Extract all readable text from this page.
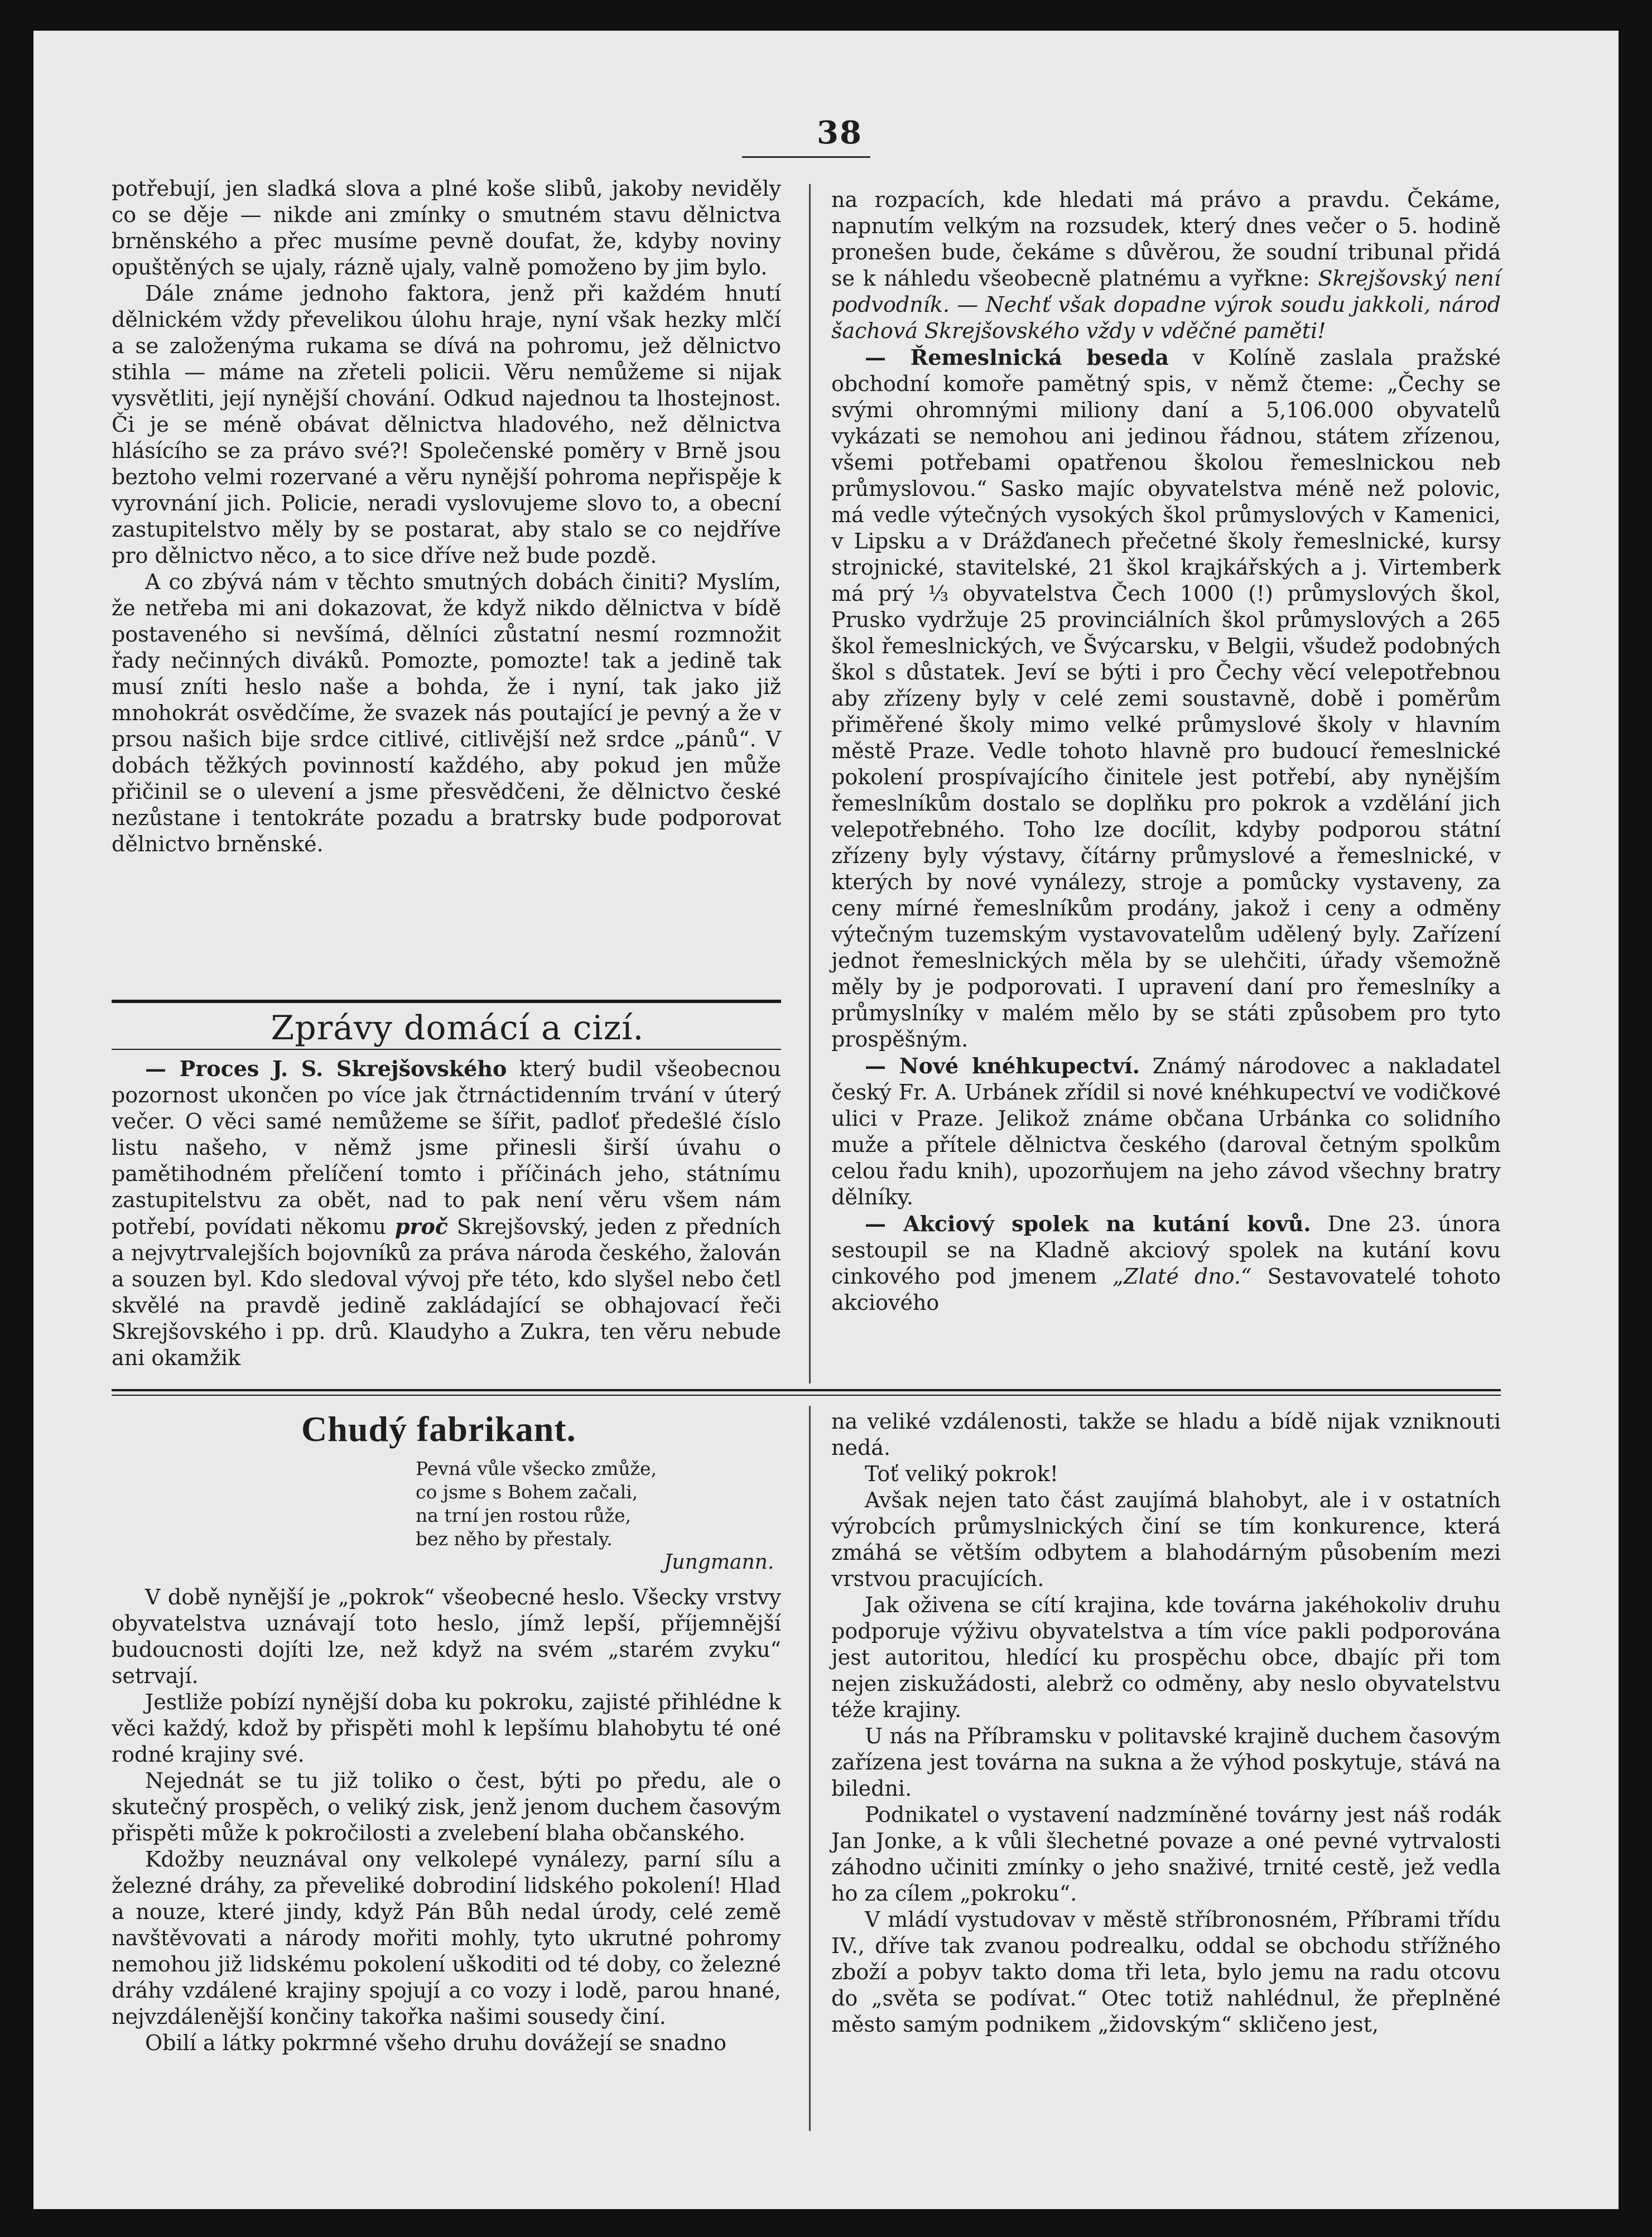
38

potřebují, jen sladká slova a plné koše slibů, jakoby neviděly co se děje — nikde ani zmínky o smutném stavu dělnictva brněnského a přec musíme pevně doufat, že, kdyby noviny opuštěných se ujaly, rázně ujaly, valně pomoženo by jim bylo.

Dále známe jednoho faktora, jenž při každém hnutí dělnickém vždy převelikou úlohu hraje, nyní však hezky mlčí a se založenýma rukama se dívá na pohromu, jež dělnictvo stihla — máme na zřeteli policii. Věru nemůžeme si nijak vysvětliti, její nynější chování. Odkud najednou ta lhostejnost. Či je se méně obávat dělnictva hladového, než dělnictva hlásícího se za právo své?! Společenské poměry v Brně jsou beztoho velmi rozervané a věru nynější pohroma nepřispěje k vyrovnání jich. Policie, neradi vyslovujeme slovo to, a obecní zastupitelstvo měly by se postarat, aby stalo se co nejdříve pro dělnictvo něco, a to sice dříve než bude pozdě.

A co zbývá nám v těchto smutných dobách činiti? Myslím, že netřeba mi ani dokazovat, že když nikdo dělnictva v bídě postaveného si nevšímá, dělníci zůstatní nesmí rozmnožit řady nečinných diváků. Pomozte, pomozte! tak a jedině tak musí zníti heslo naše a bohda, že i nyní, tak jako již mnohokrát osvědčíme, že svazek nás poutající je pevný a že v prsou našich bije srdce citlivé, citlivější než srdce „pánů“. V dobách těžkých povinností každého, aby pokud jen může přičinil se o ulevení a jsme přesvědčeni, že dělnictvo české nezůstane i tentokráte pozadu a bratrsky bude podporovat dělnictvo brněnské.

Zprávy domácí a cizí.

— Proces J. S. Skrejšovského který budil všeobecnou pozornost ukončen po více jak čtrnáctidenním trvání v úterý večer. O věci samé nemůžeme se šířit, padloť předešlé číslo listu našeho, v němž jsme přinesli širší úvahu o pamětihodném přelíčení tomto i příčinách jeho, státnímu zastupitelstvu za obět, nad to pak není věru všem nám potřebí, povídati někomu proč Skrejšovský, jeden z předních a nejvytrvalejších bojovníků za práva národa českého, žalován a souzen byl. Kdo sledoval vývoj pře této, kdo slyšel nebo četl skvělé na pravdě jedině zakládající se obhajovací řeči Skrejšovského i pp. drů. Klaudyho a Zukra, ten věru nebude ani okamžik

na rozpacích, kde hledati má právo a pravdu. Čekáme, napnutím velkým na rozsudek, který dnes večer o 5. hodině pronešen bude, čekáme s důvěrou, že soudní tribunal přidá se k náhledu všeobecně platnému a vyřkne: Skrejšovský není podvodník. — Nechť však dopadne výrok soudu jakkoli, národ šachová Skrejšovského vždy v vděčné paměti!

— Řemeslnická beseda v Kolíně zaslala pražské obchodní komoře pamětný spis, v němž čteme: „Čechy se svými ohromnými miliony daní a 5,106.000 obyvatelů vykázati se nemohou ani jedinou řádnou, státem zřízenou, všemi potřebami opatřenou školou řemeslnickou neb průmyslovou.“ Sasko majíc obyvatelstva méně než polovic, má vedle výtečných vysokých škol průmyslových v Kamenici, v Lipsku a v Drážďanech přečetné školy řemeslnické, kursy strojnické, stavitelské, 21 škol krajkářských a j. Virtemberk má prý ⅓ obyvatelstva Čech 1000 (!) průmyslových škol, Prusko vydržuje 25 provinciálních škol průmyslových a 265 škol řemeslnických, ve Švýcarsku, v Belgii, všudež podobných škol s důstatek. Jeví se býti i pro Čechy věcí velepotřebnou aby zřízeny byly v celé zemi soustavně, době i poměrům přiměřené školy mimo velké průmyslové školy v hlavním městě Praze. Vedle tohoto hlavně pro budoucí řemeslnické pokolení prospívajícího činitele jest potřebí, aby nynějším řemeslníkům dostalo se doplňku pro pokrok a vzdělání jich velepotřebného. Toho lze docílit, kdyby podporou státní zřízeny byly výstavy, čítárny průmyslové a řemeslnické, v kterých by nové vynálezy, stroje a pomůcky vystaveny, za ceny mírné řemeslníkům prodány, jakož i ceny a odměny výtečným tuzemským vystavovatelům udělený byly. Zařízení jednot řemeslnických měla by se ulehčiti, úřady všemožně měly by je podporovati. I upravení daní pro řemeslníky a průmyslníky v malém mělo by se státi způsobem pro tyto prospěšným.

— Nové knéhkupectví. Známý národovec a nakladatel český Fr. A. Urbánek zřídil si nové knéhkupectví ve vodičkové ulici v Praze. Jelikož známe občana Urbánka co solidního muže a přítele dělnictva českého (daroval četným spolkům celou řadu knih), upozorňujem na jeho závod všechny bratry dělníky.

— Akciový spolek na kutání kovů. Dne 23. února sestoupil se na Kladně akciový spolek na kutání kovu cinkového pod jmenem „Zlaté dno.“ Sestavovatelé tohoto akciového

Chudý fabrikant.
Pevná vůle všecko zmůže,
co jsme s Bohem začali,
na trní jen rostou růže,
bez něho by přestaly.
Jungmann.

V době nynější je „pokrok“ všeobecné heslo. Všecky vrstvy obyvatelstva uznávají toto heslo, jímž lepší, příjemnější budoucnosti dojíti lze, než když na svém „starém zvyku“ setrvají.

Jestliže pobízí nynější doba ku pokroku, zajisté přihlédne k věci každý, kdož by přispěti mohl k lepšímu blahobytu té oné rodné krajiny své.

Nejednát se tu již toliko o čest, býti po předu, ale o skutečný prospěch, o veliký zisk, jenž jenom duchem časovým přispěti může k pokročilosti a zvelebení blaha občanského.

Kdožby neuznával ony velkolepé vynálezy, parní sílu a železné dráhy, za převeliké dobrodiní lidského pokolení! Hlad a nouze, které jindy, když Pán Bůh nedal úrody, celé země navštěvovati a národy mořiti mohly, tyto ukrutné pohromy nemohou již lidskému pokolení uškoditi od té doby, co železné dráhy vzdálené krajiny spojují a co vozy i lodě, parou hnané, nejvzdálenější končiny takořka našimi sousedy činí.

Obilí a látky pokrmné všeho druhu dovážejí se snadno

na veliké vzdálenosti, takže se hladu a bídě nijak vzniknouti nedá.

Toť veliký pokrok!

Avšak nejen tato část zaujímá blahobyt, ale i v ostatních výrobcích průmyslnických činí se tím konkurence, která zmáhá se větším odbytem a blahodárným působením mezi vrstvou pracujících.

Jak oživena se cítí krajina, kde továrna jakéhokoliv druhu podporuje výživu obyvatelstva a tím více pakli podporována jest autoritou, hledící ku prospěchu obce, dbajíc při tom nejen ziskužádosti, alebrž co odměny, aby neslo obyvatelstvu téže krajiny.

U nás na Příbramsku v politavské krajině duchem časovým zařízena jest továrna na sukna a že výhod poskytuje, stává na biledni.

Podnikatel o vystavení nadzmíněné továrny jest náš rodák Jan Jonke, a k vůli šlechetné povaze a oné pevné vytrvalosti záhodno učiniti zmínky o jeho snaživé, trnité cestě, jež vedla ho za cílem „pokroku“.

V mládí vystudovav v městě stříbronosném, Příbrami třídu IV., dříve tak zvanou podrealku, oddal se obchodu střížného zboží a pobyv takto doma tři leta, bylo jemu na radu otcovu do „světa se podívat.“ Otec totiž nahlédnul, že přeplněné město samým podnikem „židovským“ skličeno jest,
